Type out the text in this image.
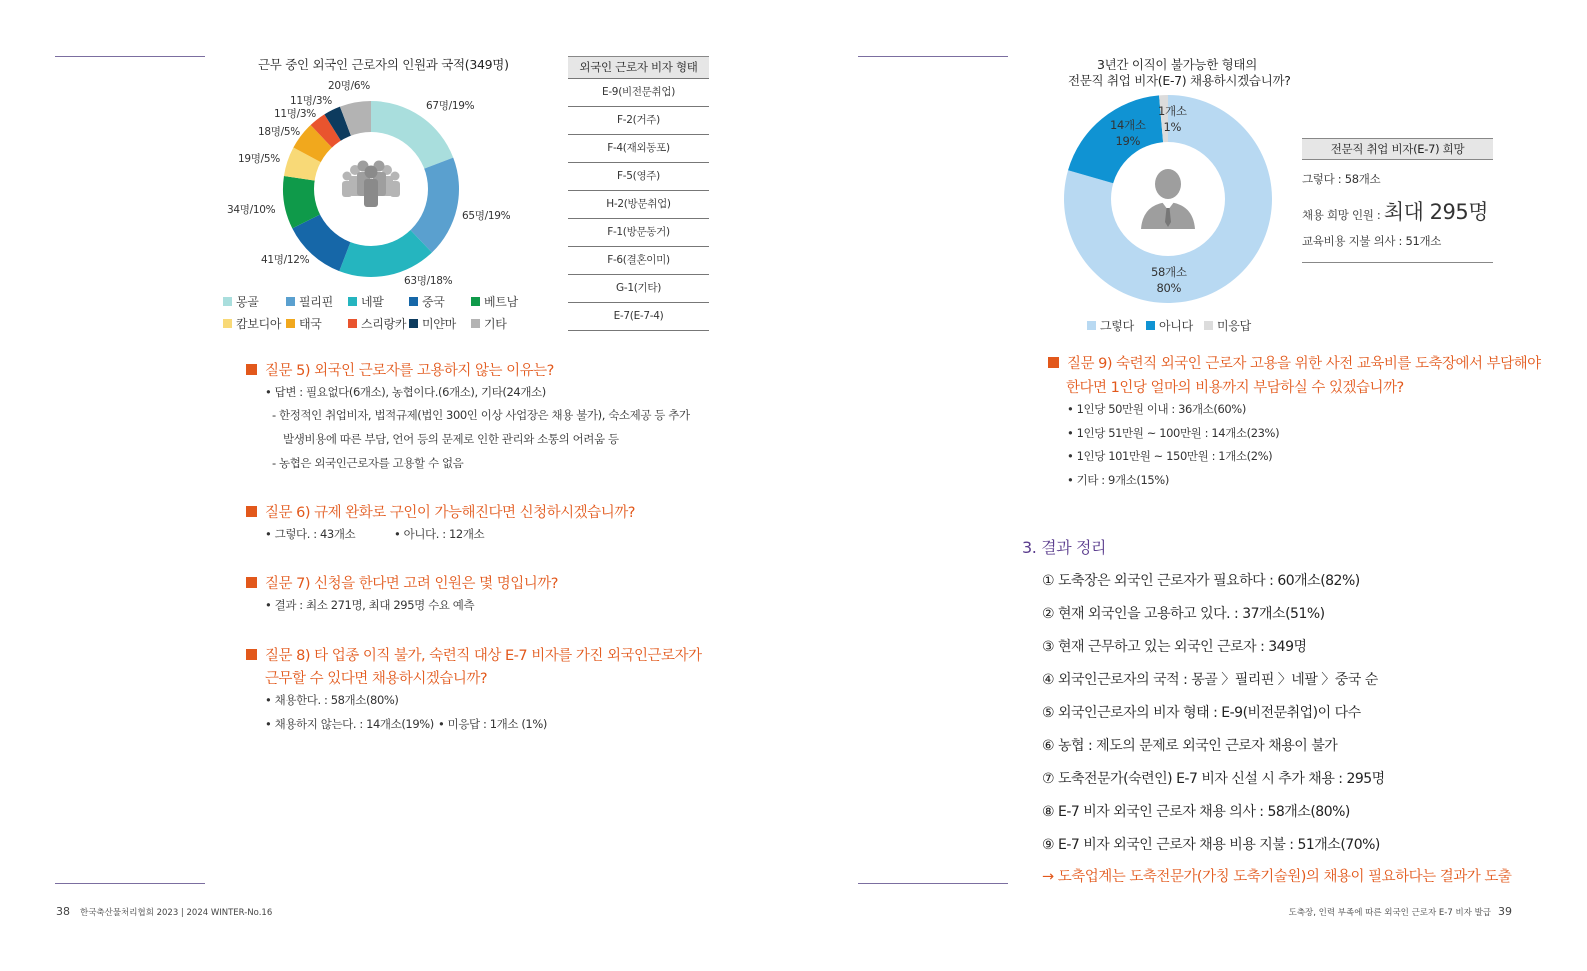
근무 중인 외국인 근로자의 인원과 국적(349명)
67명/19%
65명/19%
63명/18%
41명/12%
34명/10%
19명/5%
18명/5%
11명/3%
11명/3%
20명/6%
몽골	필리핀 네팔	중국	베트남
캄보디아 태국	스리랑카 미얀마 기타
외국인 근로자 비자 형태
E-9(비전문취업)
F-2(거주)
F-4(재외동포)
F-5(영주)
H-2(방문취업)
F-1(방문동거)
F-6(결혼이미)
G-1(기타)
E-7(E-7-4)
질문 5) 외국인 근로자를 고용하지 않는 이유는?
• 답변 : 필요없다(6개소), 농협이다.(6개소), 기타(24개소)
- 한정적인 취업비자, 법적규제(법인 300인 이상 사업장은 채용 불가), 숙소제공 등 추가
발생비용에 따른 부담, 언어 등의 문제로 인한 관리와 소통의 어려움 등
- 농협은 외국인근로자를 고용할 수 없음
질문 6) 규제 완화로 구인이 가능해진다면 신청하시겠습니까?
• 그렇다. : 43개소	• 아니다. : 12개소
질문 7) 신청을 한다면 고려 인원은 몇 명입니까?
• 결과 : 최소 271명, 최대 295명 수요 예측
질문 8) 타 업종 이직 불가, 숙련직 대상 E-7 비자를 가진 외국인근로자가
근무할 수 있다면 채용하시겠습니까?
• 채용한다. : 58개소(80%)
• 채용하지 않는다. : 14개소(19%) • 미응답 : 1개소 (1%)
38 한국축산물처리협회 2023 | 2024 WINTER-No.16
3년간 이직이 불가능한 형태의
전문직 취업 비자(E-7) 채용하시겠습니까?
58개소
80%
14개소
19%
1개소
1%
그렇다 아니다 미응답
전문직 취업 비자(E-7) 희망
그렇다 : 58개소
채용 희망 인원 : 최대 295명
교육비용 지불 의사 : 51개소
질문 9) 숙련직 외국인 근로자 고용을 위한 사전 교육비를 도축장에서 부담해야
한다면 1인당 얼마의 비용까지 부담하실 수 있겠습니까?
• 1인당 50만원 이내 : 36개소(60%)
• 1인당 51만원 ~ 100만원 : 14개소(23%)
• 1인당 101만원 ~ 150만원 : 1개소(2%)
• 기타 : 9개소(15%)
3. 결과 정리
① 도축장은 외국인 근로자가 필요하다 : 60개소(82%)
② 현재 외국인을 고용하고 있다. : 37개소(51%)
③ 현재 근무하고 있는 외국인 근로자 : 349명
④ 외국인근로자의 국적 : 몽골 〉필리핀 〉네팔 〉중국 순
⑤ 외국인근로자의 비자 형태 : E-9(비전문취업)이 다수
⑥ 농협 : 제도의 문제로 외국인 근로자 채용이 불가
⑦ 도축전문가(숙련인) E-7 비자 신설 시 추가 채용 : 295명
⑧ E-7 비자 외국인 근로자 채용 의사 : 58개소(80%)
⑨ E-7 비자 외국인 근로자 채용 비용 지불 : 51개소(70%)
→ 도축업계는 도축전문가(가칭 도축기술원)의 채용이 필요하다는 결과가 도출
도축장, 인력 부족에 따른 외국인 근로자 E-7 비자 발급 39
